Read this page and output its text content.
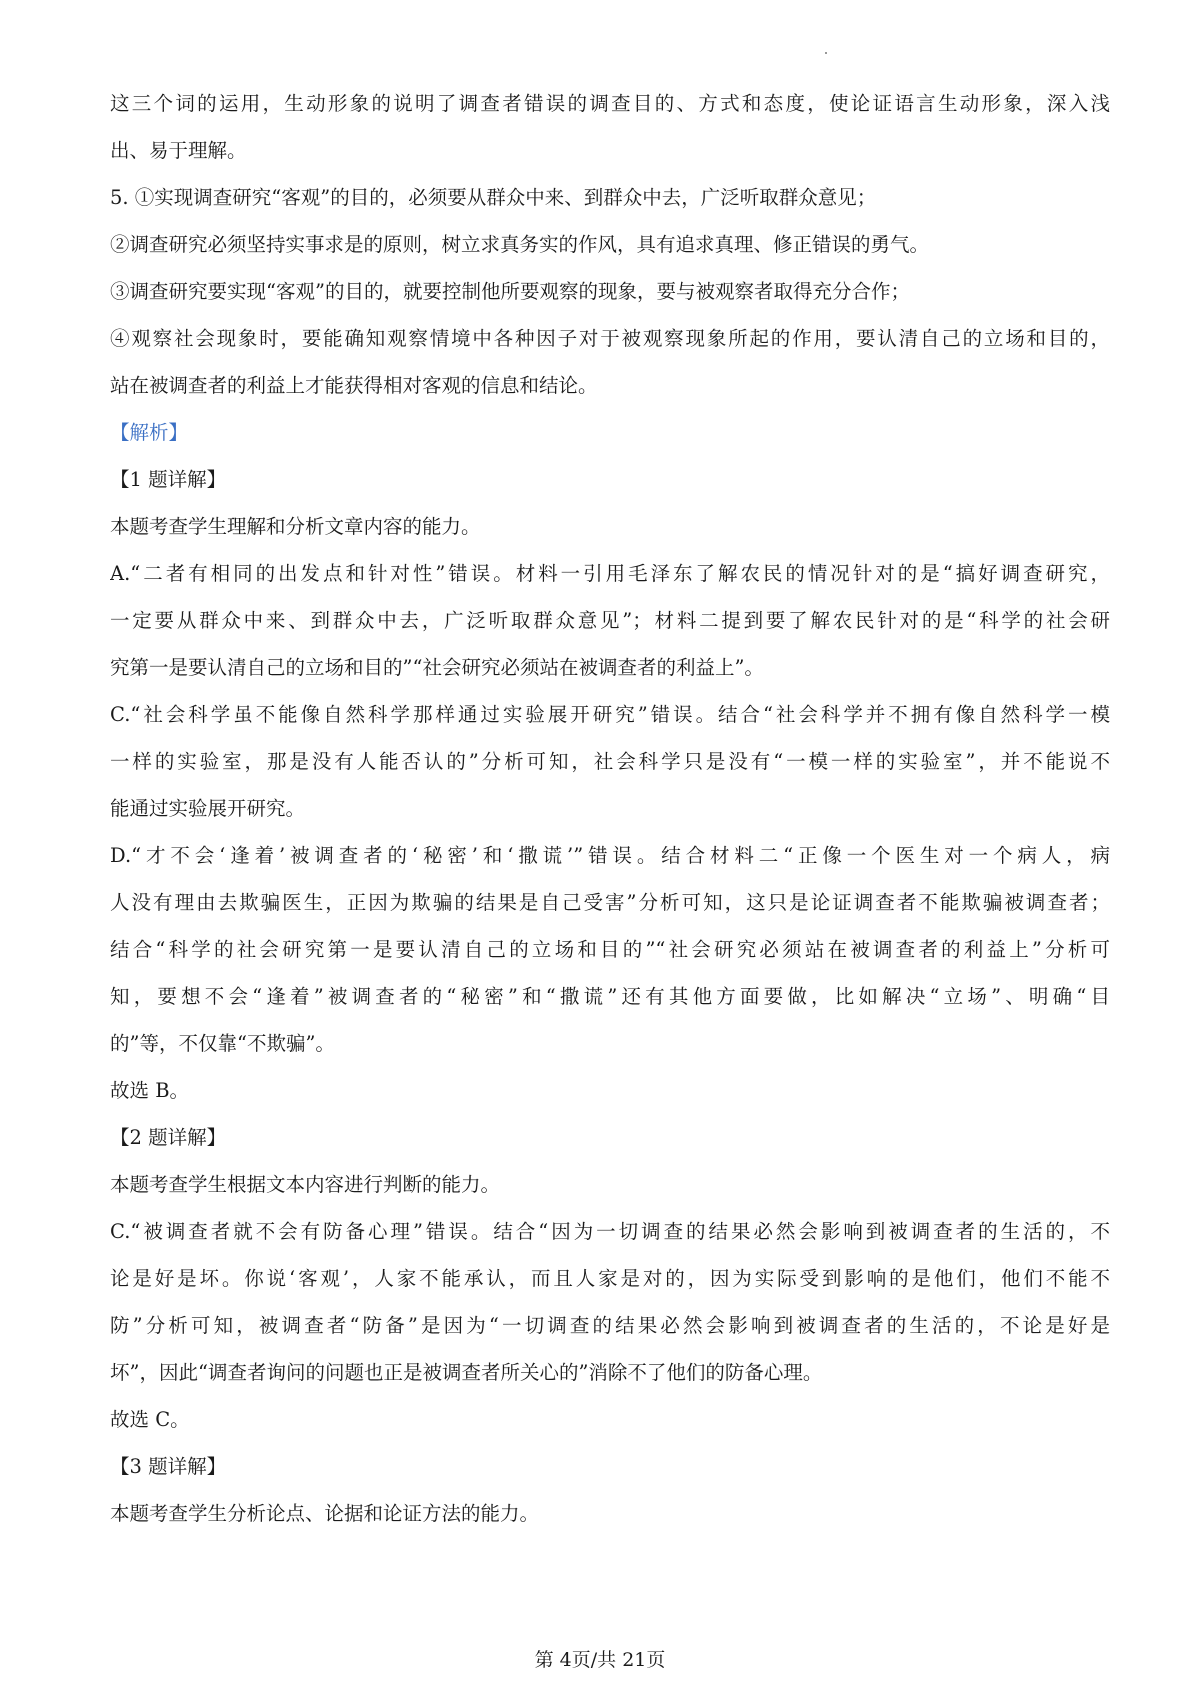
这三个词的运用，生动形象的说明了调查者错误的调查目的、方式和态度，使论证语言生动形象，深入浅
出、易于理解。
5. ①实现调查研究“客观”的目的，必须要从群众中来、到群众中去，广泛听取群众意见；
②调查研究必须坚持实事求是的原则，树立求真务实的作风，具有追求真理、修正错误的勇气。
③调查研究要实现“客观”的目的，就要控制他所要观察的现象，要与被观察者取得充分合作；
④观察社会现象时，要能确知观察情境中各种因子对于被观察现象所起的作用，要认清自己的立场和目的，
站在被调查者的利益上才能获得相对客观的信息和结论。
【解析】
【1 题详解】
本题考查学生理解和分析文章内容的能力。
A.“二者有相同的出发点和针对性”错误。材料一引用毛泽东了解农民的情况针对的是“搞好调查研究，
一定要从群众中来、到群众中去，广泛听取群众意见”；材料二提到要了解农民针对的是“科学的社会研
究第一是要认清自己的立场和目的”“社会研究必须站在被调查者的利益上”。
C.“社会科学虽不能像自然科学那样通过实验展开研究”错误。结合“社会科学并不拥有像自然科学一模
一样的实验室，那是没有人能否认的”分析可知，社会科学只是没有“一模一样的实验室”，并不能说不
能通过实验展开研究。
D.“才不会‘逢着’被调查者的‘秘密’和‘撒谎’”错误。结合材料二“正像一个医生对一个病人，病
人没有理由去欺骗医生，正因为欺骗的结果是自己受害”分析可知，这只是论证调查者不能欺骗被调查者；
结合“科学的社会研究第一是要认清自己的立场和目的”“社会研究必须站在被调查者的利益上”分析可
知，要想不会“逢着”被调查者的“秘密”和“撒谎”还有其他方面要做，比如解决“立场”、明确“目
的”等，不仅靠“不欺骗”。
故选 B。
【2 题详解】
本题考查学生根据文本内容进行判断的能力。
C.“被调查者就不会有防备心理”错误。结合“因为一切调查的结果必然会影响到被调查者的生活的，不
论是好是坏。你说‘客观’，人家不能承认，而且人家是对的，因为实际受到影响的是他们，他们不能不
防”分析可知，被调查者“防备”是因为“一切调查的结果必然会影响到被调查者的生活的，不论是好是
坏”，因此“调查者询问的问题也正是被调查者所关心的”消除不了他们的防备心理。
故选 C。
【3 题详解】
本题考查学生分析论点、论据和论证方法的能力。
第 4页/共 21页
